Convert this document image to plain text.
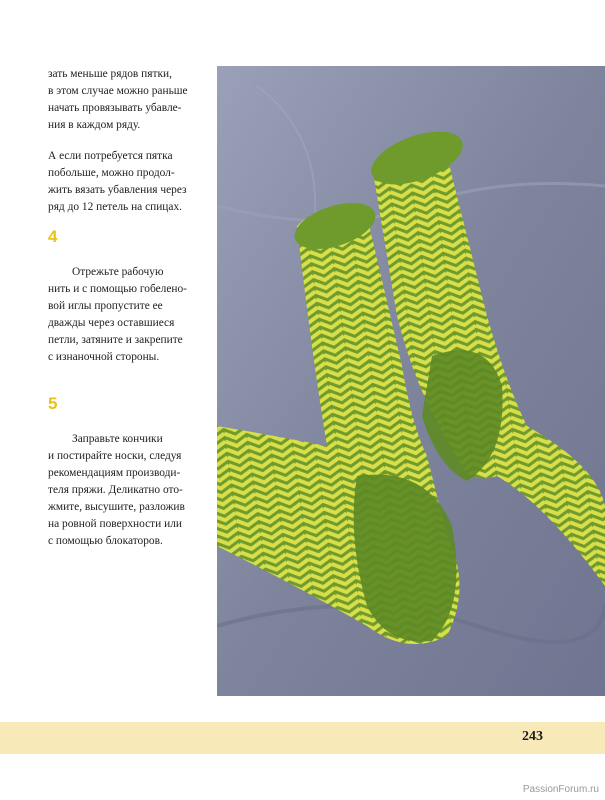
зать меньше рядов пятки,
в этом случае можно раньше
начать провязывать убавле-
ния в каждом ряду.

А если потребуется пятка
побольше, можно продол-
жить вязать убавления через
ряд до 12 петель на спицах.

4

Отрежьте рабочую
нить и с помощью гобелено-
вой иглы пропустите ее
дважды через оставшиеся
петли, затяните и закрепите
с изнаночной стороны.

5

Заправьте кончики
и постирайте носки, следуя
рекомендациям производи-
теля пряжи. Деликатно ото-
жмите, высушите, разложив
на ровной поверхности или
с помощью блокаторов.

243
PassionForum.ru
